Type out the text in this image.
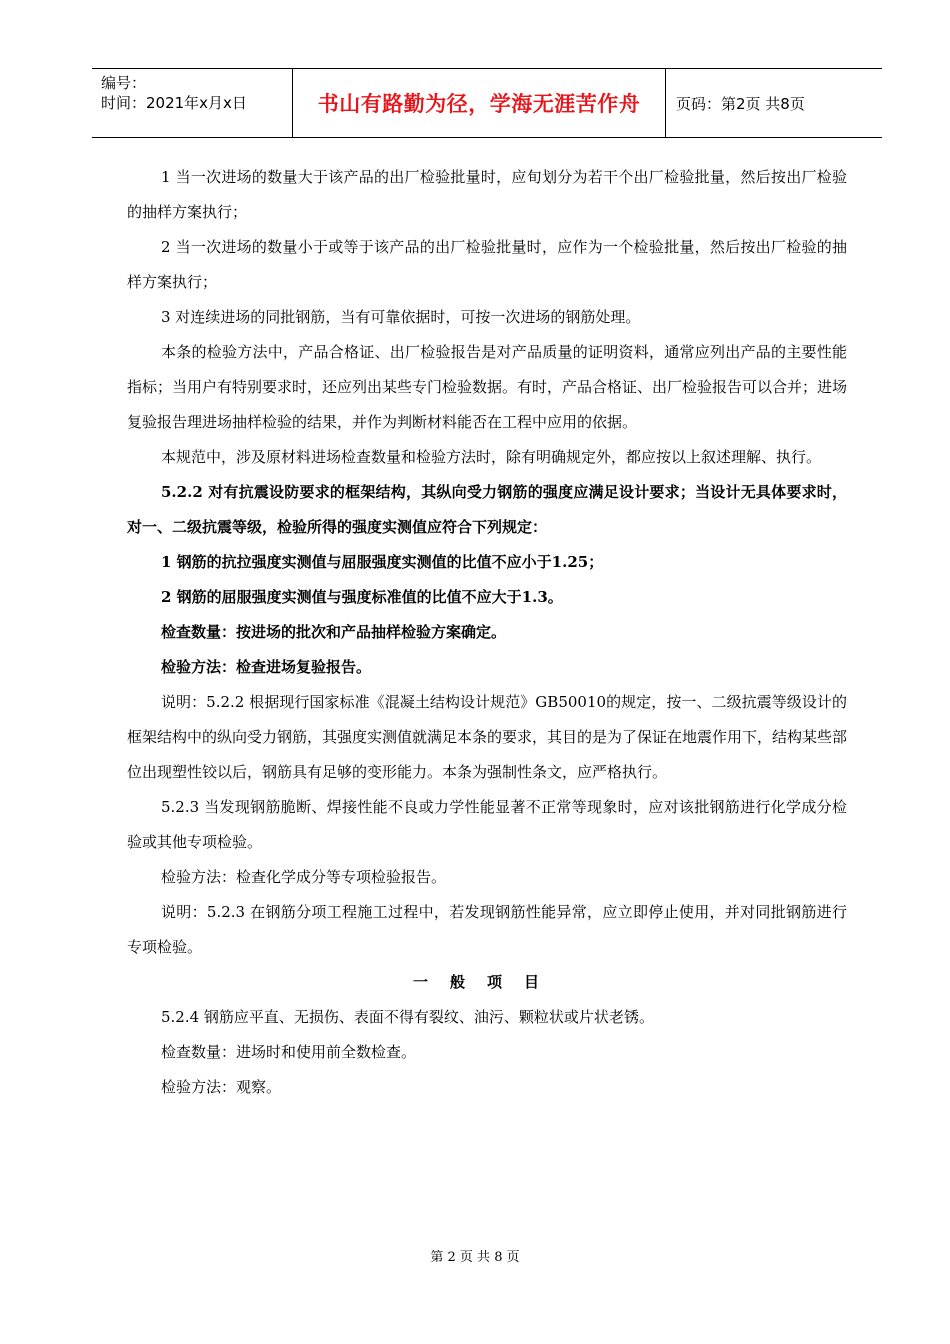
编号：
时间：2021年x月x日	书山有路勤为径，学海无涯苦作舟 页码：第2页 共8页

1 当一次进场的数量大于该产品的出厂检验批量时，应旬划分为若干个出厂检验批量，然后按出厂检验的抽样方案执行；

2 当一次进场的数量小于或等于该产品的出厂检验批量时，应作为一个检验批量，然后按出厂检验的抽样方案执行；

3 对连续进场的同批钢筋，当有可靠依据时，可按一次进场的钢筋处理。

本条的检验方法中，产品合格证、出厂检验报告是对产品质量的证明资料，通常应列出产品的主要性能指标；当用户有特别要求时，还应列出某些专门检验数据。有时，产品合格证、出厂检验报告可以合并；进场复验报告理进场抽样检验的结果，并作为判断材料能否在工程中应用的依据。

本规范中，涉及原材料进场检查数量和检验方法时，除有明确规定外，都应按以上叙述理解、执行。

5.2.2 对有抗震设防要求的框架结构，其纵向受力钢筋的强度应满足设计要求；当设计无具体要求时，对一、二级抗震等级，检验所得的强度实测值应符合下列规定：

1 钢筋的抗拉强度实测值与屈服强度实测值的比值不应小于1.25；

2 钢筋的屈服强度实测值与强度标准值的比值不应大于1.3。

检查数量：按进场的批次和产品抽样检验方案确定。

检验方法：检查进场复验报告。

说明：5.2.2 根据现行国家标准《混凝土结构设计规范》GB50010的规定，按一、二级抗震等级设计的框架结构中的纵向受力钢筋，其强度实测值就满足本条的要求，其目的是为了保证在地震作用下，结构某些部位出现塑性铰以后，钢筋具有足够的变形能力。本条为强制性条文，应严格执行。

5.2.3 当发现钢筋脆断、焊接性能不良或力学性能显著不正常等现象时，应对该批钢筋进行化学成分检验或其他专项检验。

检验方法：检查化学成分等专项检验报告。

说明：5.2.3 在钢筋分项工程施工过程中，若发现钢筋性能异常，应立即停止使用，并对同批钢筋进行专项检验。

一般项目

5.2.4 钢筋应平直、无损伤、表面不得有裂纹、油污、颗粒状或片状老锈。

检查数量：进场时和使用前全数检查。

检验方法：观察。

第 2 页 共 8 页
